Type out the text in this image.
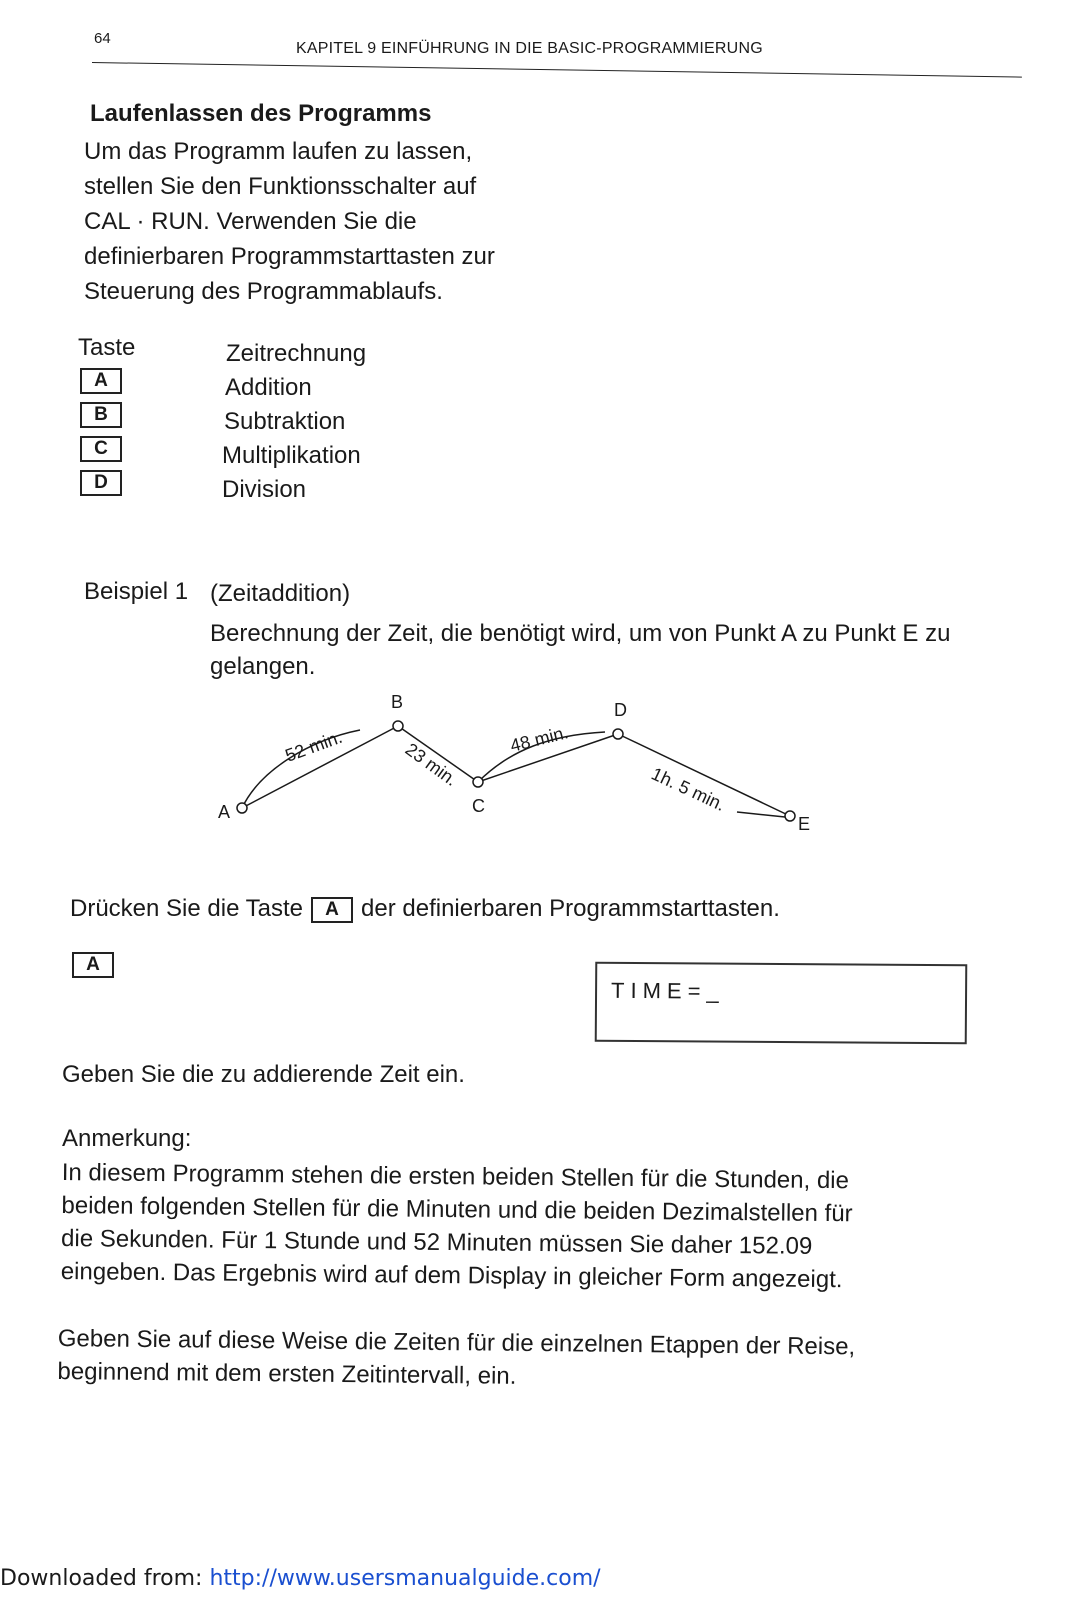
64
KAPITEL 9 EINFÜHRUNG IN DIE BASIC-PROGRAMMIERUNG
Laufenlassen des Programms
Um das Programm laufen zu lassen,
stellen Sie den Funktionsschalter auf
CAL · RUN. Verwenden Sie die
definierbaren Programmstarttasten zur
Steuerung des Programmablaufs.
Taste	Zeitrechnung
A	Addition
B	Subtraktion
C	Multiplikation
D	Division
Beispiel 1 (Zeitaddition)
Berechnung der Zeit, die benötigt wird, um von Punkt A zu Punkt E zu gelangen.
A
B
C
D
E
52 min.	23 min.
48 min.
1h. 5 min.
Drücken Sie die Taste A der definierbaren Programmstarttasten.
A
TIME=_
Geben Sie die zu addierende Zeit ein.
Anmerkung:
In diesem Programm stehen die ersten beiden Stellen für die Stunden, die
beiden folgenden Stellen für die Minuten und die beiden Dezimalstellen für
die Sekunden. Für 1 Stunde und 52 Minuten müssen Sie daher 152.09
eingeben. Das Ergebnis wird auf dem Display in gleicher Form angezeigt.
Geben Sie auf diese Weise die Zeiten für die einzelnen Etappen der Reise,
beginnend mit dem ersten Zeitintervall, ein.
Downloaded from: http://www.usersmanualguide.com/
